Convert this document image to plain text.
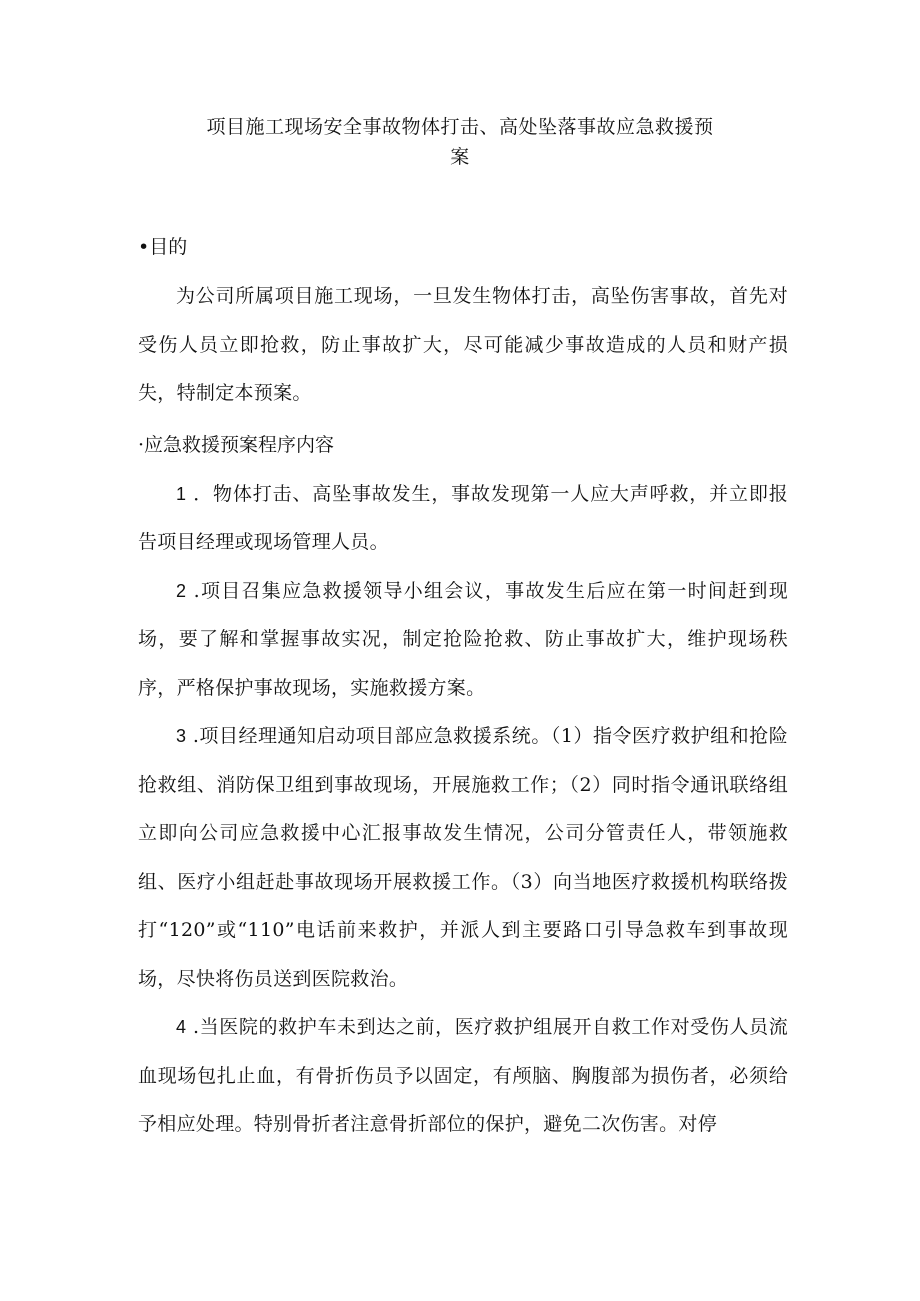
项目施工现场安全事故物体打击、高处坠落事故应急救援预
案
•目的

为公司所属项目施工现场，一旦发生物体打击，高坠伤害事故，首先对受伤人员立即抢救，防止事故扩大，尽可能减少事故造成的人员和财产损失，特制定本预案。

·应急救援预案程序内容

1 ．物体打击、高坠事故发生，事故发现第一人应大声呼救，并立即报告项目经理或现场管理人员。

2 .项目召集应急救援领导小组会议，事故发生后应在第一时间赶到现场，要了解和掌握事故实况，制定抢险抢救、防止事故扩大，维护现场秩序，严格保护事故现场，实施救援方案。

3 .项目经理通知启动项目部应急救援系统。（1）指令医疗救护组和抢险抢救组、消防保卫组到事故现场，开展施救工作；（2）同时指令通讯联络组立即向公司应急救援中心汇报事故发生情况，公司分管责任人，带领施救组、医疗小组赶赴事故现场开展救援工作。（3）向当地医疗救援机构联络拨打“120”或“110”电话前来救护，并派人到主要路口引导急救车到事故现场，尽快将伤员送到医院救治。

4 .当医院的救护车未到达之前，医疗救护组展开自救工作对受伤人员流血现场包扎止血，有骨折伤员予以固定，有颅脑、胸腹部为损伤者，必须给予相应处理。特别骨折者注意骨折部位的保护，避免二次伤害。对停
